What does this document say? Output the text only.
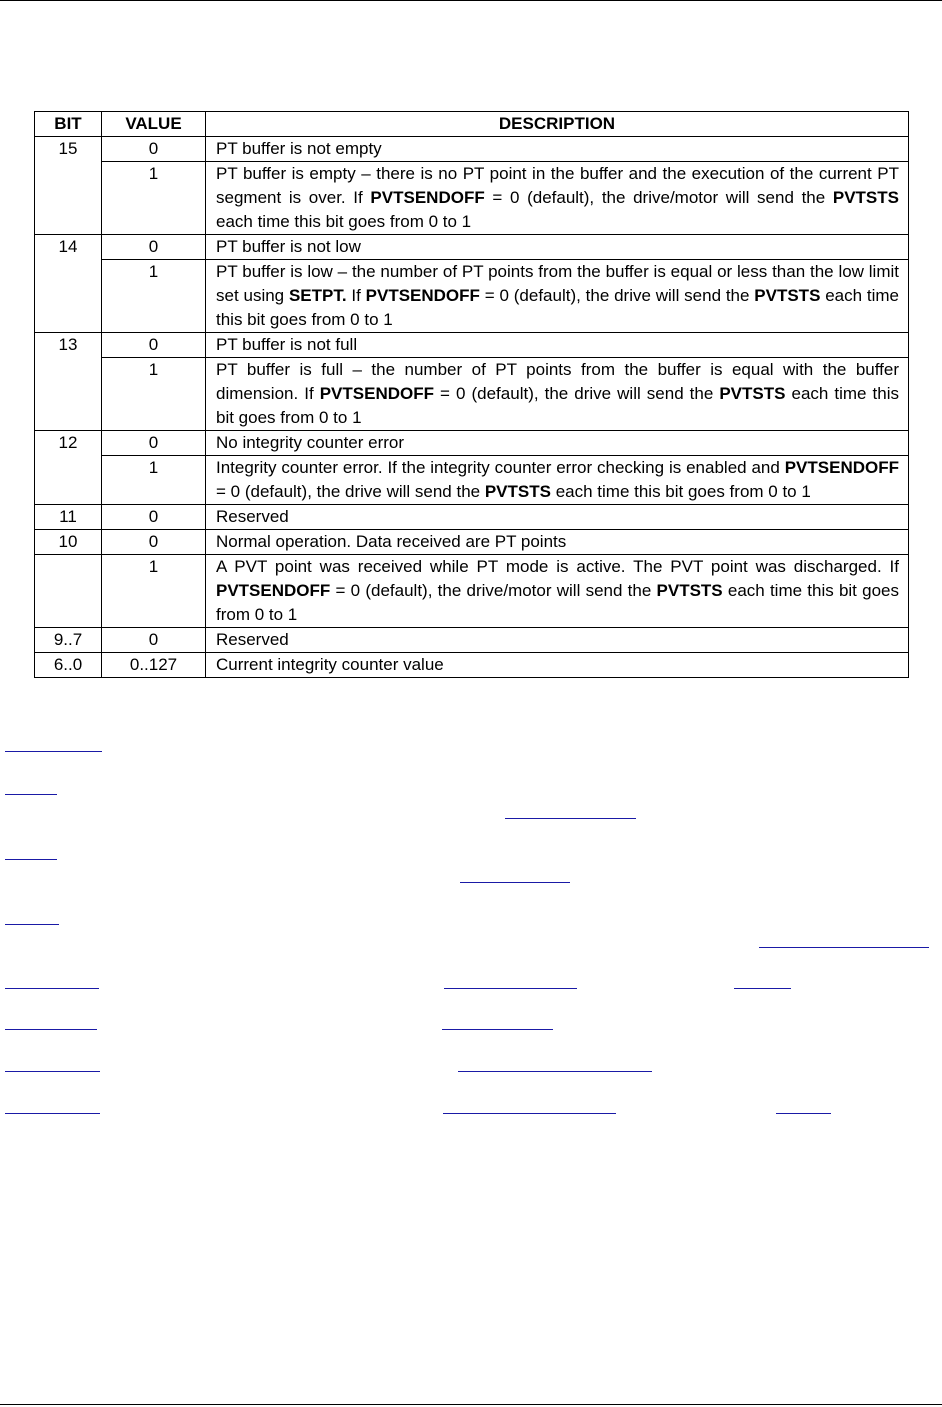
BIT	VALUE	DESCRIPTION
15	0	PT buffer is not empty
	1	PT buffer is empty – there is no PT point in the buffer and the execution of the current PT segment is over. If PVTSENDOFF = 0 (default), the drive/motor will send the PVTSTS each time this bit goes from 0 to 1
14	0	PT buffer is not low
	1	PT buffer is low – the number of PT points from the buffer is equal or less than the low limit set using SETPT. If PVTSENDOFF = 0 (default), the drive will send the PVTSTS each time this bit goes from 0 to 1
13	0	PT buffer is not full
	1	PT buffer is full – the number of PT points from the buffer is equal with the buffer dimension. If PVTSENDOFF = 0 (default), the drive will send the PVTSTS each time this bit goes from 0 to 1
12	0	No integrity counter error
	1	Integrity counter error. If the integrity counter error checking is enabled and PVTSENDOFF = 0 (default), the drive will send the PVTSTS each time this bit goes from 0 to 1
11	0	Reserved
10	0	Normal operation. Data received are PT points
	1	A PVT point was received while PT mode is active. The PVT point was discharged. If PVTSENDOFF = 0 (default), the drive/motor will send the PVTSTS each time this bit goes from 0 to 1
9..7	0	Reserved
6..0	0..127	Current integrity counter value
